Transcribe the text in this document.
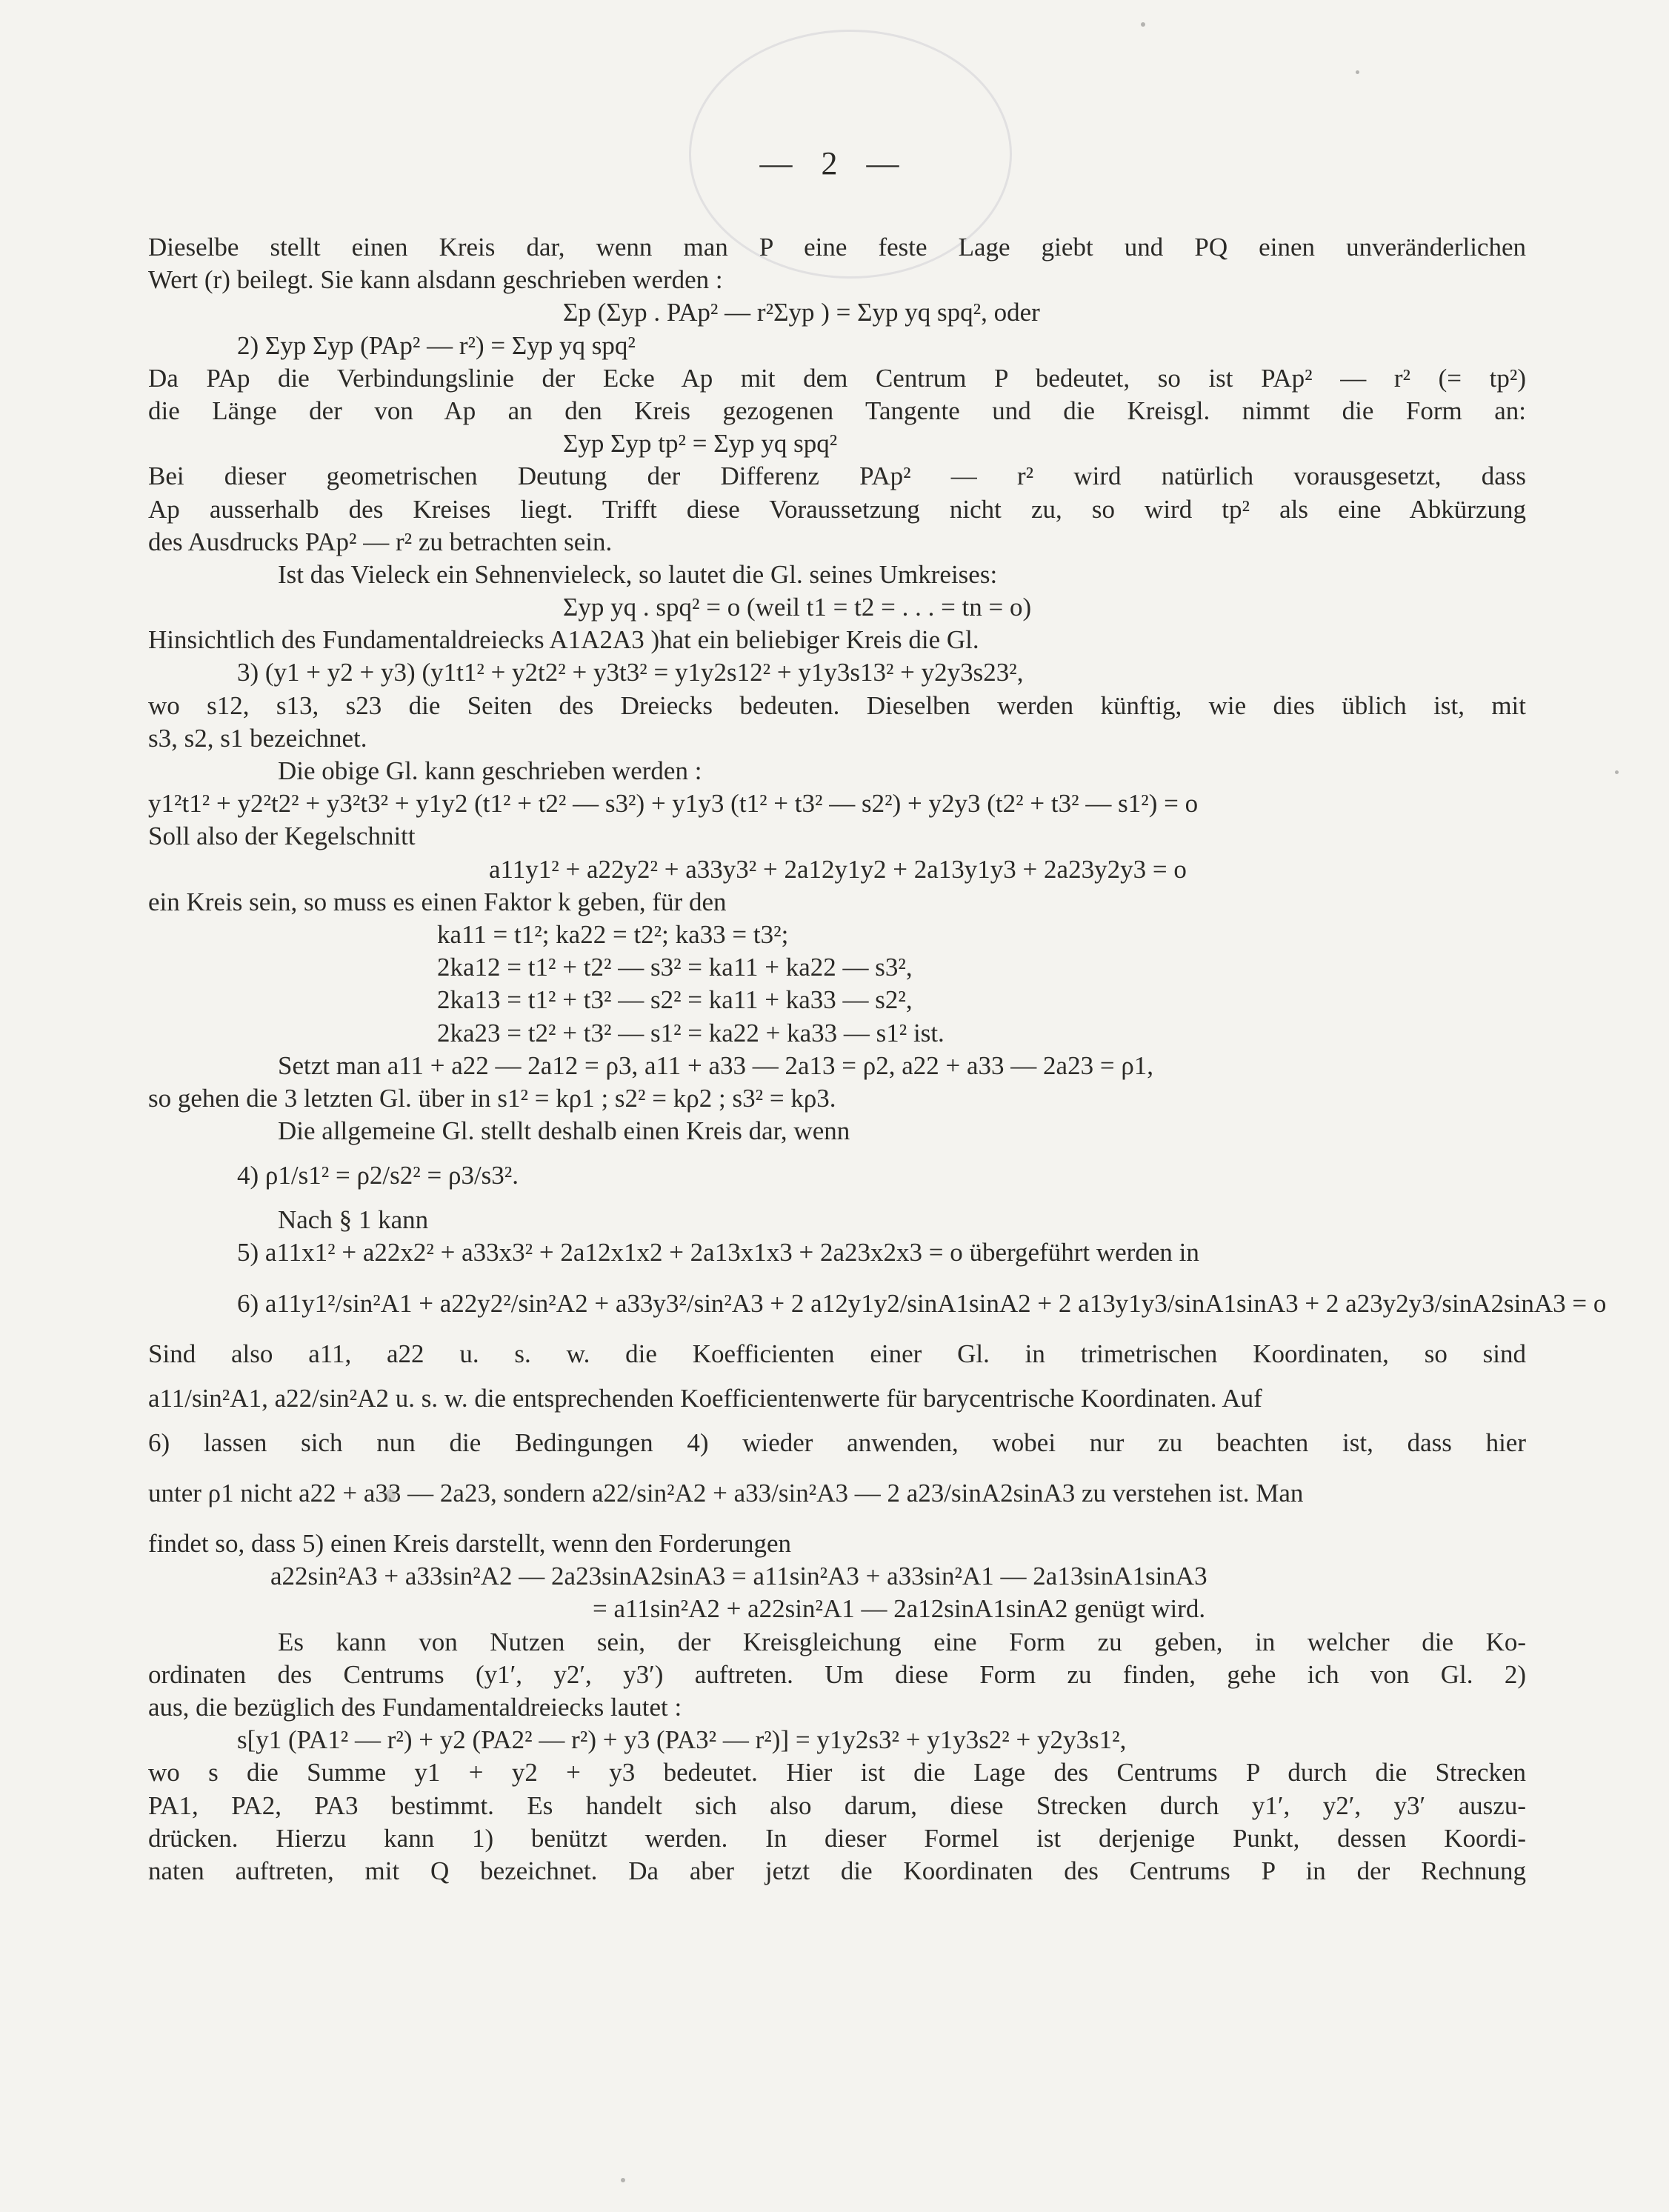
— 2 —
Dieselbe stellt einen Kreis dar, wenn man P eine feste Lage giebt und PQ einen unveränderlichen
Wert (r) beilegt. Sie kann alsdann geschrieben werden :
Σp (Σyp . PAp² — r²Σyp ) = Σyp yq spq², oder
2) Σyp Σyp (PAp² — r²) = Σyp yq spq²
Da PAp die Verbindungslinie der Ecke Ap mit dem Centrum P bedeutet, so ist PAp² — r² (= tp²)
die Länge der von Ap an den Kreis gezogenen Tangente und die Kreisgl. nimmt die Form an:
Σyp Σyp tp² = Σyp yq spq²
Bei dieser geometrischen Deutung der Differenz PAp² — r² wird natürlich vorausgesetzt, dass
Ap ausserhalb des Kreises liegt. Trifft diese Voraussetzung nicht zu, so wird tp² als eine Abkürzung
des Ausdrucks PAp² — r² zu betrachten sein.
Ist das Vieleck ein Sehnenvieleck, so lautet die Gl. seines Umkreises:
Σyp yq . spq² = o (weil t1 = t2 = . . . = tn = o)
Hinsichtlich des Fundamentaldreiecks A1A2A3 )hat ein beliebiger Kreis die Gl.
3) (y1 + y2 + y3) (y1t1² + y2t2² + y3t3² = y1y2s12² + y1y3s13² + y2y3s23²,
wo s12, s13, s23 die Seiten des Dreiecks bedeuten. Dieselben werden künftig, wie dies üblich ist, mit
s3, s2, s1 bezeichnet.
Die obige Gl. kann geschrieben werden :
y1²t1² + y2²t2² + y3²t3² + y1y2 (t1² + t2² — s3²) + y1y3 (t1² + t3² — s2²) + y2y3 (t2² + t3² — s1²) = o
Soll also der Kegelschnitt
a11y1² + a22y2² + a33y3² + 2a12y1y2 + 2a13y1y3 + 2a23y2y3 = o
ein Kreis sein, so muss es einen Faktor k geben, für den
ka11 = t1²; ka22 = t2²; ka33 = t3²;
2ka12 = t1² + t2² — s3² = ka11 + ka22 — s3²,
2ka13 = t1² + t3² — s2² = ka11 + ka33 — s2²,
2ka23 = t2² + t3² — s1² = ka22 + ka33 — s1² ist.
Setzt man a11 + a22 — 2a12 = ρ3, a11 + a33 — 2a13 = ρ2, a22 + a33 — 2a23 = ρ1,
so gehen die 3 letzten Gl. über in s1² = kρ1 ; s2² = kρ2 ; s3² = kρ3.
Die allgemeine Gl. stellt deshalb einen Kreis dar, wenn
4) ρ1/s1² = ρ2/s2² = ρ3/s3².
Nach § 1 kann
5) a11x1² + a22x2² + a33x3² + 2a12x1x2 + 2a13x1x3 + 2a23x2x3 = o übergeführt werden in
6) a11y1²/sin²A1 + a22y2²/sin²A2 + a33y3²/sin²A3 + 2 a12y1y2/sinA1sinA2 + 2 a13y1y3/sinA1sinA3 + 2 a23y2y3/sinA2sinA3 = o
Sind also a11, a22 u. s. w. die Koefficienten einer Gl. in trimetrischen Koordinaten, so sind
a11/sin²A1, a22/sin²A2 u. s. w. die entsprechenden Koefficientenwerte für barycentrische Koordinaten. Auf
6) lassen sich nun die Bedingungen 4) wieder anwenden, wobei nur zu beachten ist, dass hier
unter ρ1 nicht a22 + a33 — 2a23, sondern a22/sin²A2 + a33/sin²A3 — 2 a23/sinA2sinA3 zu verstehen ist. Man
findet so, dass 5) einen Kreis darstellt, wenn den Forderungen
a22sin²A3 + a33sin²A2 — 2a23sinA2sinA3 = a11sin²A3 + a33sin²A1 — 2a13sinA1sinA3
= a11sin²A2 + a22sin²A1 — 2a12sinA1sinA2 genügt wird.
Es kann von Nutzen sein, der Kreisgleichung eine Form zu geben, in welcher die Ko-
ordinaten des Centrums (y1′, y2′, y3′) auftreten. Um diese Form zu finden, gehe ich von Gl. 2)
aus, die bezüglich des Fundamentaldreiecks lautet :
s[y1 (PA1² — r²) + y2 (PA2² — r²) + y3 (PA3² — r²)] = y1y2s3² + y1y3s2² + y2y3s1²,
wo s die Summe y1 + y2 + y3 bedeutet. Hier ist die Lage des Centrums P durch die Strecken
PA1, PA2, PA3 bestimmt. Es handelt sich also darum, diese Strecken durch y1′, y2′, y3′ auszu-
drücken. Hierzu kann 1) benützt werden. In dieser Formel ist derjenige Punkt, dessen Koordi-
naten auftreten, mit Q bezeichnet. Da aber jetzt die Koordinaten des Centrums P in der Rechnung
